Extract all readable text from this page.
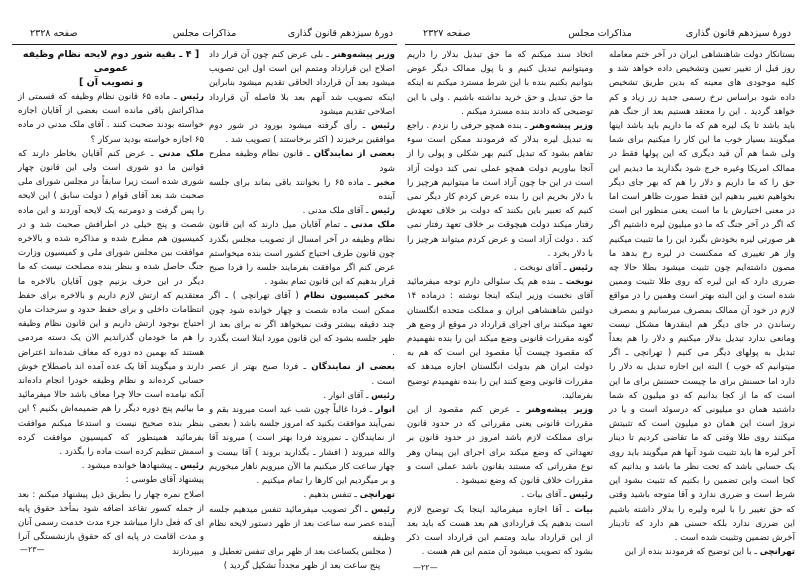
دورهٔ سیزدهم قانون گذاری
مذاکرات مجلس
صفحه ۲۳۲۸

وزیر پیشه‌وهنر ـ بلی عرض کنم چون آن قرار داد اصلاح این قرارداد ومتمم این است اول این تصویب میشود بعد آن قرارداد الحاقی تقدیم میشود بنابراین اینکه تصویب شد آنهم بعد بلا فاصله آن قرارداد اصلاحی تقدیم میشود

رئیس ـ رأی گرفته میشود بورود در شور دوم موافقین برخیزند ( اکثر برخاستند ) تصویب شد .

بعضی از نمایندگان ـ قانون نظام وظیفه مطرح شود

مخبر ـ ماده ۶۵ را بخوانند باقی بماند برای جلسه آینده

رئیس ـ آقای ملک مدنی .

ملک مدنی ـ تمام آقایان میل دارند که این قانون نظام وظیفه در آخر امسال از تصویب مجلس بگذرد چون قانون طرف احتیاج کشور است بنده میخواستم عرض کنم اگر موافقت بفرمایند جلسه را فردا صبح قرار بدهیم که این قانون تمام بشود .

مخبر کمیسیون نظام ( آقای تهرانچی ) ـ اگر ممکن است ماده شصت و چهار خوانده شود چون چند دقیقه بیشتر وقت نمیخواهد اگر نه برای بعد از ظهر جلسه بشود که این قانون مورد ابتلا است بگذرد .

بعضی از نمایندگان ـ فردا صبح بهتر از عصر است .

رئیس ـ آقای انوار .

انوار ـ فردا غالباً چون شب عید است میروند بقم و نمی‌آیند موافقت بکنید که امروز جلسه باشد ( بعضی از نمایندگان ـ نمیروند فردا بهتر است ) میروند آقا والله میروند ( افشار ـ بگذارید بروند ) آقا بیست و چهار ساعت کار میکنیم ما الآن میرویم ناهار میخوریم و بر میگردیم این کارها را تمام میکنیم .

تهرانچی ـ تنفس بدهیم .

رئیس ـ اگر تصویب میفرمائید تنفس میدهیم جلسه آینده عصر سه ساعت بعد از ظهر دستور لایحه نظام وظیفه

( مجلس یکساعت بعد از ظهر برای تنفس تعطیل و پنج ساعت بعد از ظهر مجدداً تشکیل گردید )

[ ۴ ـ بقیه شور دوم لایحه نظام وظیفه عمومی
و تصویب آن ]

رئیس ـ ماده ۶۵ قانون نظام وظیفه که قسمتی از مذاکراتش باقی مانده است بعضی از آقایان اجازه خواسته بودند صحبت کنند . آقای ملک مدنی در ماده ۶۵ اجازه خواسته بودید سرکار ؟

ملک مدنی ـ عرض کنم آقایان بخاطر دارند که قوانین ما دو شوری است ولی این قانون چهار شوری شده است زیرا سابقاً در مجلس شورای ملی صحبت شد بعد آقای قوام ( دولت سابق ) این لایحه را پس گرفت و دومرتبه یک لایحه آوردند و این ماده شصت و پنج خیلی در اطرافش صحبت شد و در کمیسیون هم مطرح شده و مذاکره شده و بالاخره موافقت بین مجلس شورای ملی و کمیسیون وزارت جنگ حاصل شده و بنظر بنده مصلحت نیست که ما دیگر در این حرف بزنیم چون آقایان بالاخره ما معتقدیم که ارتش لازم داریم و بالاخره برای حفظ انتظامات داخلی و برای حفظ حدود و سرحدات مان احتیاج بوجود ارتش داریم و این قانون نظام وظیفه را هم ما خودمان گذراندیم الان یک دسته مردمی هستند که بهمین ده دوره که معاف شده‌اند اعتراض دارند و میگویند آقا یک عده آمده اند باصطلاح خوش حسابی کرده‌اند و نظام وظیفه خودرا انجام داده‌اند آنکه نیامده است حالا چرا معاف باشد حالا میفرمائید ما بیائیم پنج دوره دیگر را هم ضمیمه‌اش بکنیم ؟ این بنظر بنده صحیح نیست و استدعا میکنم موافقت بفرمائید همینطور که کمیسیون موافقت کرده اسمش تنظیم کرده است ماده را بگذرد .

رئیس ـ پیشنهادها خوانده میشود .

پیشنهاد آقای طوسی :

اصلاح نمره چهار را بطریق ذیل پیشنهاد میکنم : بعد از جمله کسور تقاعد اضافه شود بمأخذ حقوق پایه ای که فعل دارا میباشد جزء مدت خدمت رسمی آنان و مدت اقامت در پایه ای که حقوق بازنشستگی آنرا میپردازند

—۲۳—
دورهٔ سیزدهم قانون گذاری
مذاکرات مجلس
صفحه ۲۳۲۷

بستانکار دولت شاهنشاهی ایران در آخر ختم معامله روز قبل از تغییر تعیین وتشخیص داده خواهد شد و کلیه موجودی های معینه که بدین طریق تشخیص داده شود براساس نرخ رسمی جدید زر زیاد و کم خواهد گردید . این را معتقد هستیم بعد از جنگ هم باید باشد تا یک لیره هم که ما داریم باید باشد اینها میگویند بسیار خوب ما این کار را میکنیم برای شما ولی شما هم آن قید دیگری که این پولها فقط در ممالک امریکا وغیره خرج شود بگذارید ما دیدیم این حق را که ما داریم و دلار را هم که بهر جای دیگر بخواهیم تغییر بدهیم این فقط صورت ظاهر است اما در معنی اختیارش با ما است یعنی منظور این است که اگر در آخر جنگ که ما دو میلیون لیره داشتیم اگر هر صورتی لیره بخودش بگیرد این را ما تثبیت میکنیم واز هر تغییری که ممکنست در لیره رخ بدهد ما مصون داشته‌ایم چون تثبیت میشود بطلا حالا چه ضرری دارد که این لیره که روی طلا تثبیت وممین شده است و این البته بهتر است وهمین را در مواقع لازم در خود آن ممالک بمصرف میرسانیم و بمصرف رساندن در جای دیگر هم اینقدرها مشکل نیست ومانعی ندارد تبدیل بدلار میکنیم و دلار را هم بعداً تبدیل به پولهای دیگر می کنیم ( تهرانچی ـ اگر میتوانیم که خوب ) البته این اجازه تبدیل به دلار را دارد اما حسنش برای ما چیست حسنش برای ما این است که ما از کجا بدانیم که دو میلیون که شما داشتید همان دو میلیونی که درسوئد است و یا در نروژ است این همان دو میلیون است که تثبیتش میکنند روی طلا وقتی که ما تقاضی کردیم تا دینار آخر لیره ها باید تثبیت شود آنها هم میگویند باید روی یک حسابی باشد که تحت نظر ما باشد و بدانیم که کجا است واین تضمین را بکنیم که تثبیت بشود این شرط است و ضرری ندارد و آقا متوجه باشید وقتی که حق تغییر را با لیره ولیره را بدلار داشته باشیم این ضرری ندارد بلکه حسنی هم دارد که تادینار آخرش تضمین وتثبیت شده است .

تهرانچی ـ با این توضیح که فرمودند بنده از این

اتخاذ سند میکنم که ما حق تبدیل بدلار را داریم ومیتوانیم تبدیل کنیم و با پول ممالک دیگر عوض بتوانیم بکنیم بنده با این شرط مسترد میکنم نه اینکه ما حق تبدیل و حق خرید نداشته باشیم . ولی با این توضیحی که دادند بنده مسترد میکنم .

وزیر پیشه‌وهنر ـ بنده همچو حرفی را نزدم . راجع به تبدیل لیره بدلار که فرمودند ممکن است سوء تفاهم بشود که تبدیل کنیم بهر شکلی و پولی را از آنجا بیاوریم دولت همچو عملی نمی کند دولت آزاد است در این جا چون آزاد است ما میتوانیم هرچیز را با دلار بخریم این را بنده عرض کردم کار دیگر نمی کنیم که تعبیر باین بکنند که دولت بر خلاف تعهدش رفتار میکند دولت هیچوقت بر خلاف تعهد رفتار نمی کند . دولت آزاد است و عرض کردم میتواند هرچیز را با دلار بخرد .

رئیس ـ آقای نوبخت .

نوبخت ـ بنده هم یک سئوالی دارم توجه میفرمائید آقای نخست وزیر اینکه اینجا نوشته : درماده ۱۴ دولتین شاهنشاهی ایران و مملکت متحده انگلستان تعهد میکنند برای اجرای قرارداد در موقع از وضع هر گونه مقررات قانونی وضع میکند این را بنده نفهمیدم که مقصود چیست آیا مقصود این است که هم به دولت ایران هم بدولت انگلستان اجازه میدهد که مقررات قانونی وضع کنند این را بنده نفهمیدم توضیح بفرمائید.

وزیر پیشه‌وهنر ـ عرض کنم مقصود از این مقررات قانونی یعنی مقرراتی که در حدود قانون برای مملکت لازم باشد امروز در حدود قانون بر تعهداتی که وضع میکند برای اجرای این پیمان وهر نوع مقرراتی که مستند بقانون باشد عملی است و مقررات خلاف قانون که وضع نمیشود .

رئیس ـ آقای بیات .

بیات ـ آقا اجازه میفرمائید اینجا یک توضیح لازم است بدهیم یک قراردادی هم بعد هست که باید بعد از این قرارداد بیاید ومتمم این قرارداد است ذکر بشود که تصویب میشود آن متمم این هم هست .

—۲۲—
